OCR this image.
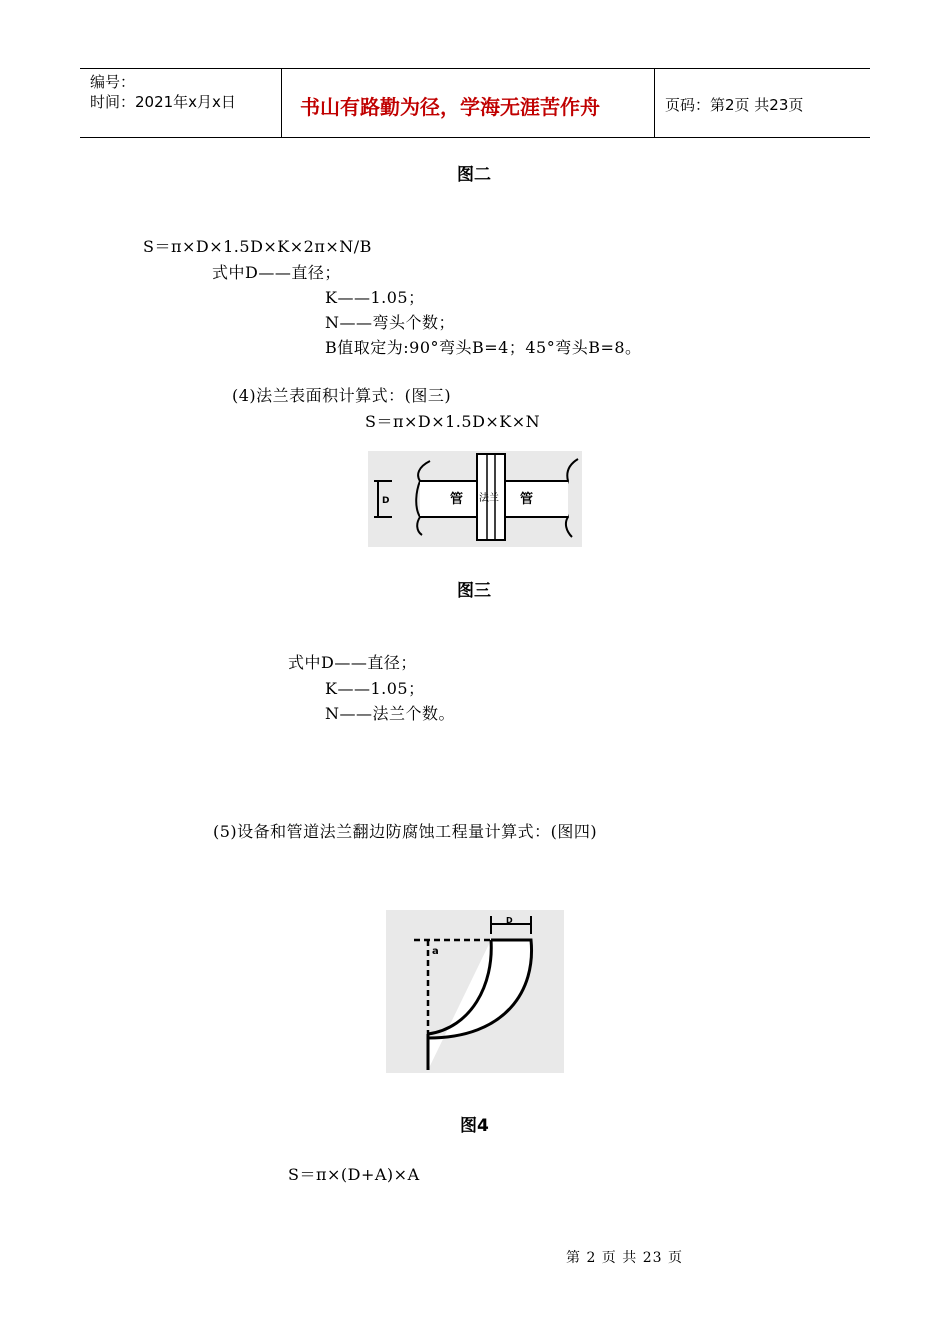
编号：
时间：2021年x月x日	书山有路勤为径，学海无涯苦作舟	页码：第2页 共23页
图二
S＝π×D×1.5D×K×2π×N/B
式中D——直径；
K——1.05；
N——弯头个数；
B值取定为:90°弯头B=4；45°弯头B=8。
(4)法兰表面积计算式：(图三)
S＝π×D×1.5D×K×N
D	管 法兰 管
图三
式中D——直径；
K——1.05；
N——法兰个数。
(5)设备和管道法兰翻边防腐蚀工程量计算式：(图四)
D
a
图4
S＝π×(D+A)×A
第 2 页 共 23 页
